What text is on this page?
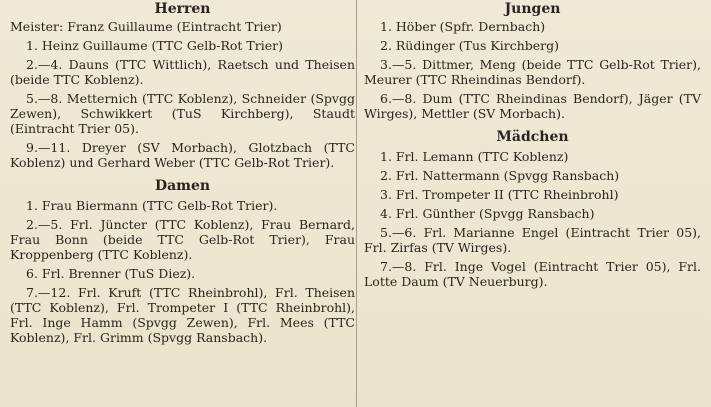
Herren

Meister: Franz Guillaume (Eintracht Trier)

1. Heinz Guillaume (TTC Gelb-Rot Trier)

2.—4. Dauns (TTC Wittlich), Raetsch und Theisen (beide TTC Koblenz).

5.—8. Metternich (TTC Koblenz), Schneider (Spvgg Zewen), Schwikkert (TuS Kirchberg), Staudt (Eintracht Trier 05).

9.—11. Dreyer (SV Morbach), Glotzbach (TTC Koblenz) und Gerhard Weber (TTC Gelb-Rot Trier).

Damen

1. Frau Biermann (TTC Gelb-Rot Trier).

2.—5. Frl. Jüncter (TTC Koblenz), Frau Bernard, Frau Bonn (beide TTC Gelb-Rot Trier), Frau Kroppenberg (TTC Koblenz).

6. Frl. Brenner (TuS Diez).

7.—12. Frl. Kruft (TTC Rheinbrohl), Frl. Theisen (TTC Koblenz), Frl. Trompeter I (TTC Rheinbrohl), Frl. Inge Hamm (Spvgg Zewen), Frl. Mees (TTC Koblenz), Frl. Grimm (Spvgg Ransbach).

Jungen

1. Höber (Spfr. Dernbach)

2. Rüdinger (Tus Kirchberg)

3.—5. Dittmer, Meng (beide TTC Gelb-Rot Trier), Meurer (TTC Rheindinas Bendorf).

6.—8. Dum (TTC Rheindinas Bendorf), Jäger (TV Wirges), Mettler (SV Morbach).

Mädchen

1. Frl. Lemann (TTC Koblenz)

2. Frl. Nattermann (Spvgg Ransbach)

3. Frl. Trompeter II (TTC Rheinbrohl)

4. Frl. Günther (Spvgg Ransbach)

5.—6. Frl. Marianne Engel (Eintracht Trier 05), Frl. Zirfas (TV Wirges).

7.—8. Frl. Inge Vogel (Eintracht Trier 05), Frl. Lotte Daum (TV Neuerburg).
